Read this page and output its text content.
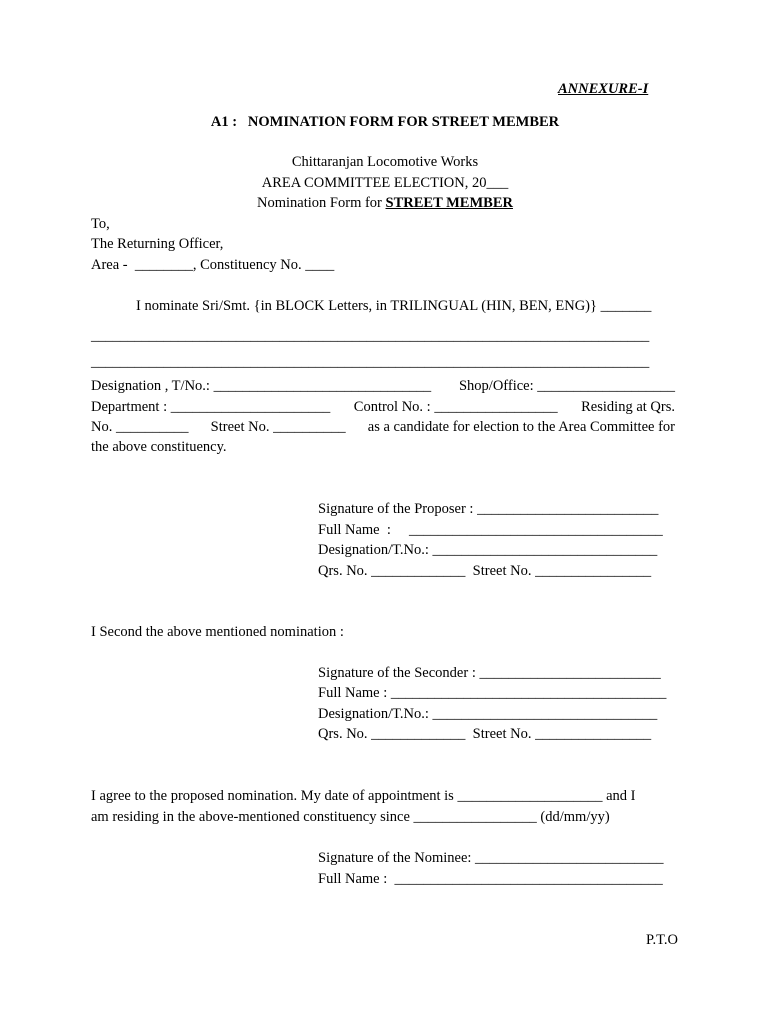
ANNEXURE-I
A1 :   NOMINATION FORM FOR STREET MEMBER
Chittaranjan Locomotive Works
AREA COMMITTEE ELECTION, 20___
Nomination Form for STREET MEMBER
To,
The Returning Officer,
Area -  ________, Constituency No. ____
I nominate Sri/Smt. {in BLOCK Letters, in TRILINGUAL (HIN, BEN, ENG)} _______
_____________________________________________________________________________
_____________________________________________________________________________
Designation , T/No.: ______________________________ Shop/Office: ___________________
Department : ______________________ Control No. : _________________ Residing at Qrs.
No. __________ Street No. __________ as a candidate for election to the Area Committee for
the above constituency.
Signature of the Proposer : _________________________
Full Name  :     ___________________________________
Designation/T.No.: _______________________________
Qrs. No. _____________  Street No. ________________
I Second the above mentioned nomination :
Signature of the Seconder : _________________________
Full Name : ______________________________________
Designation/T.No.: _______________________________
Qrs. No. _____________  Street No. ________________
I agree to the proposed nomination. My date of appointment is ____________________ and I
am residing in the above-mentioned constituency since _________________ (dd/mm/yy)
Signature of the Nominee: __________________________
Full Name :  _____________________________________
P.T.O
